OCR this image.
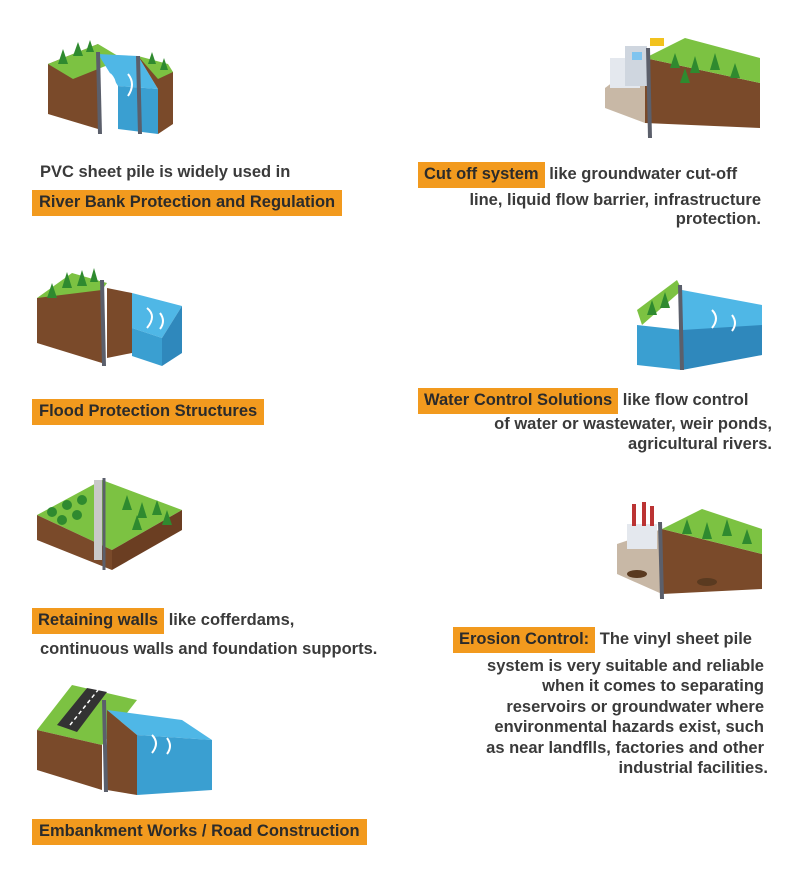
PVC sheet pile is widely used in
River Bank Protection and Regulation
Flood Protection Structures
Retaining walls like cofferdams,
continuous walls and foundation supports.
Embankment Works / Road Construction
Cut off system like groundwater cut-off
line, liquid flow barrier, infrastructure
protection.
Water Control Solutions like flow control
of water or wastewater, weir ponds,
agricultural rivers.
Erosion Control: The vinyl sheet pile
system is very suitable and reliable
when it comes to separating
reservoirs or groundwater where
environmental hazards exist, such
as near landflls, factories and other
industrial facilities.
